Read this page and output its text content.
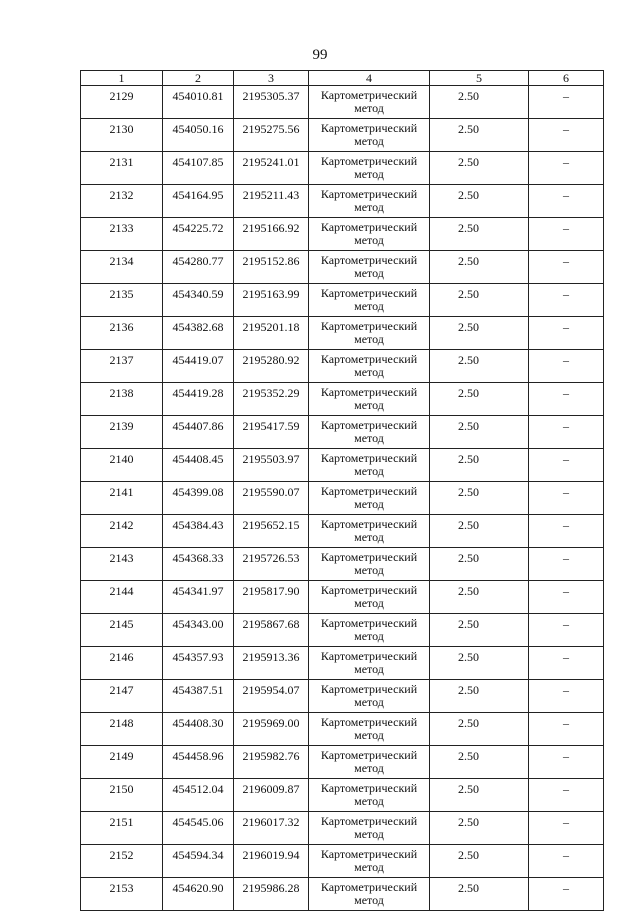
99
1	2	3	4	5	6
2129	454010.81	2195305.37	Картометрический метод	2.50	–
2130	454050.16	2195275.56	Картометрический метод	2.50	–
2131	454107.85	2195241.01	Картометрический метод	2.50	–
2132	454164.95	2195211.43	Картометрический метод	2.50	–
2133	454225.72	2195166.92	Картометрический метод	2.50	–
2134	454280.77	2195152.86	Картометрический метод	2.50	–
2135	454340.59	2195163.99	Картометрический метод	2.50	–
2136	454382.68	2195201.18	Картометрический метод	2.50	–
2137	454419.07	2195280.92	Картометрический метод	2.50	–
2138	454419.28	2195352.29	Картометрический метод	2.50	–
2139	454407.86	2195417.59	Картометрический метод	2.50	–
2140	454408.45	2195503.97	Картометрический метод	2.50	–
2141	454399.08	2195590.07	Картометрический метод	2.50	–
2142	454384.43	2195652.15	Картометрический метод	2.50	–
2143	454368.33	2195726.53	Картометрический метод	2.50	–
2144	454341.97	2195817.90	Картометрический метод	2.50	–
2145	454343.00	2195867.68	Картометрический метод	2.50	–
2146	454357.93	2195913.36	Картометрический метод	2.50	–
2147	454387.51	2195954.07	Картометрический метод	2.50	–
2148	454408.30	2195969.00	Картометрический метод	2.50	–
2149	454458.96	2195982.76	Картометрический метод	2.50	–
2150	454512.04	2196009.87	Картометрический метод	2.50	–
2151	454545.06	2196017.32	Картометрический метод	2.50	–
2152	454594.34	2196019.94	Картометрический метод	2.50	–
2153	454620.90	2195986.28	Картометрический метод	2.50	–
